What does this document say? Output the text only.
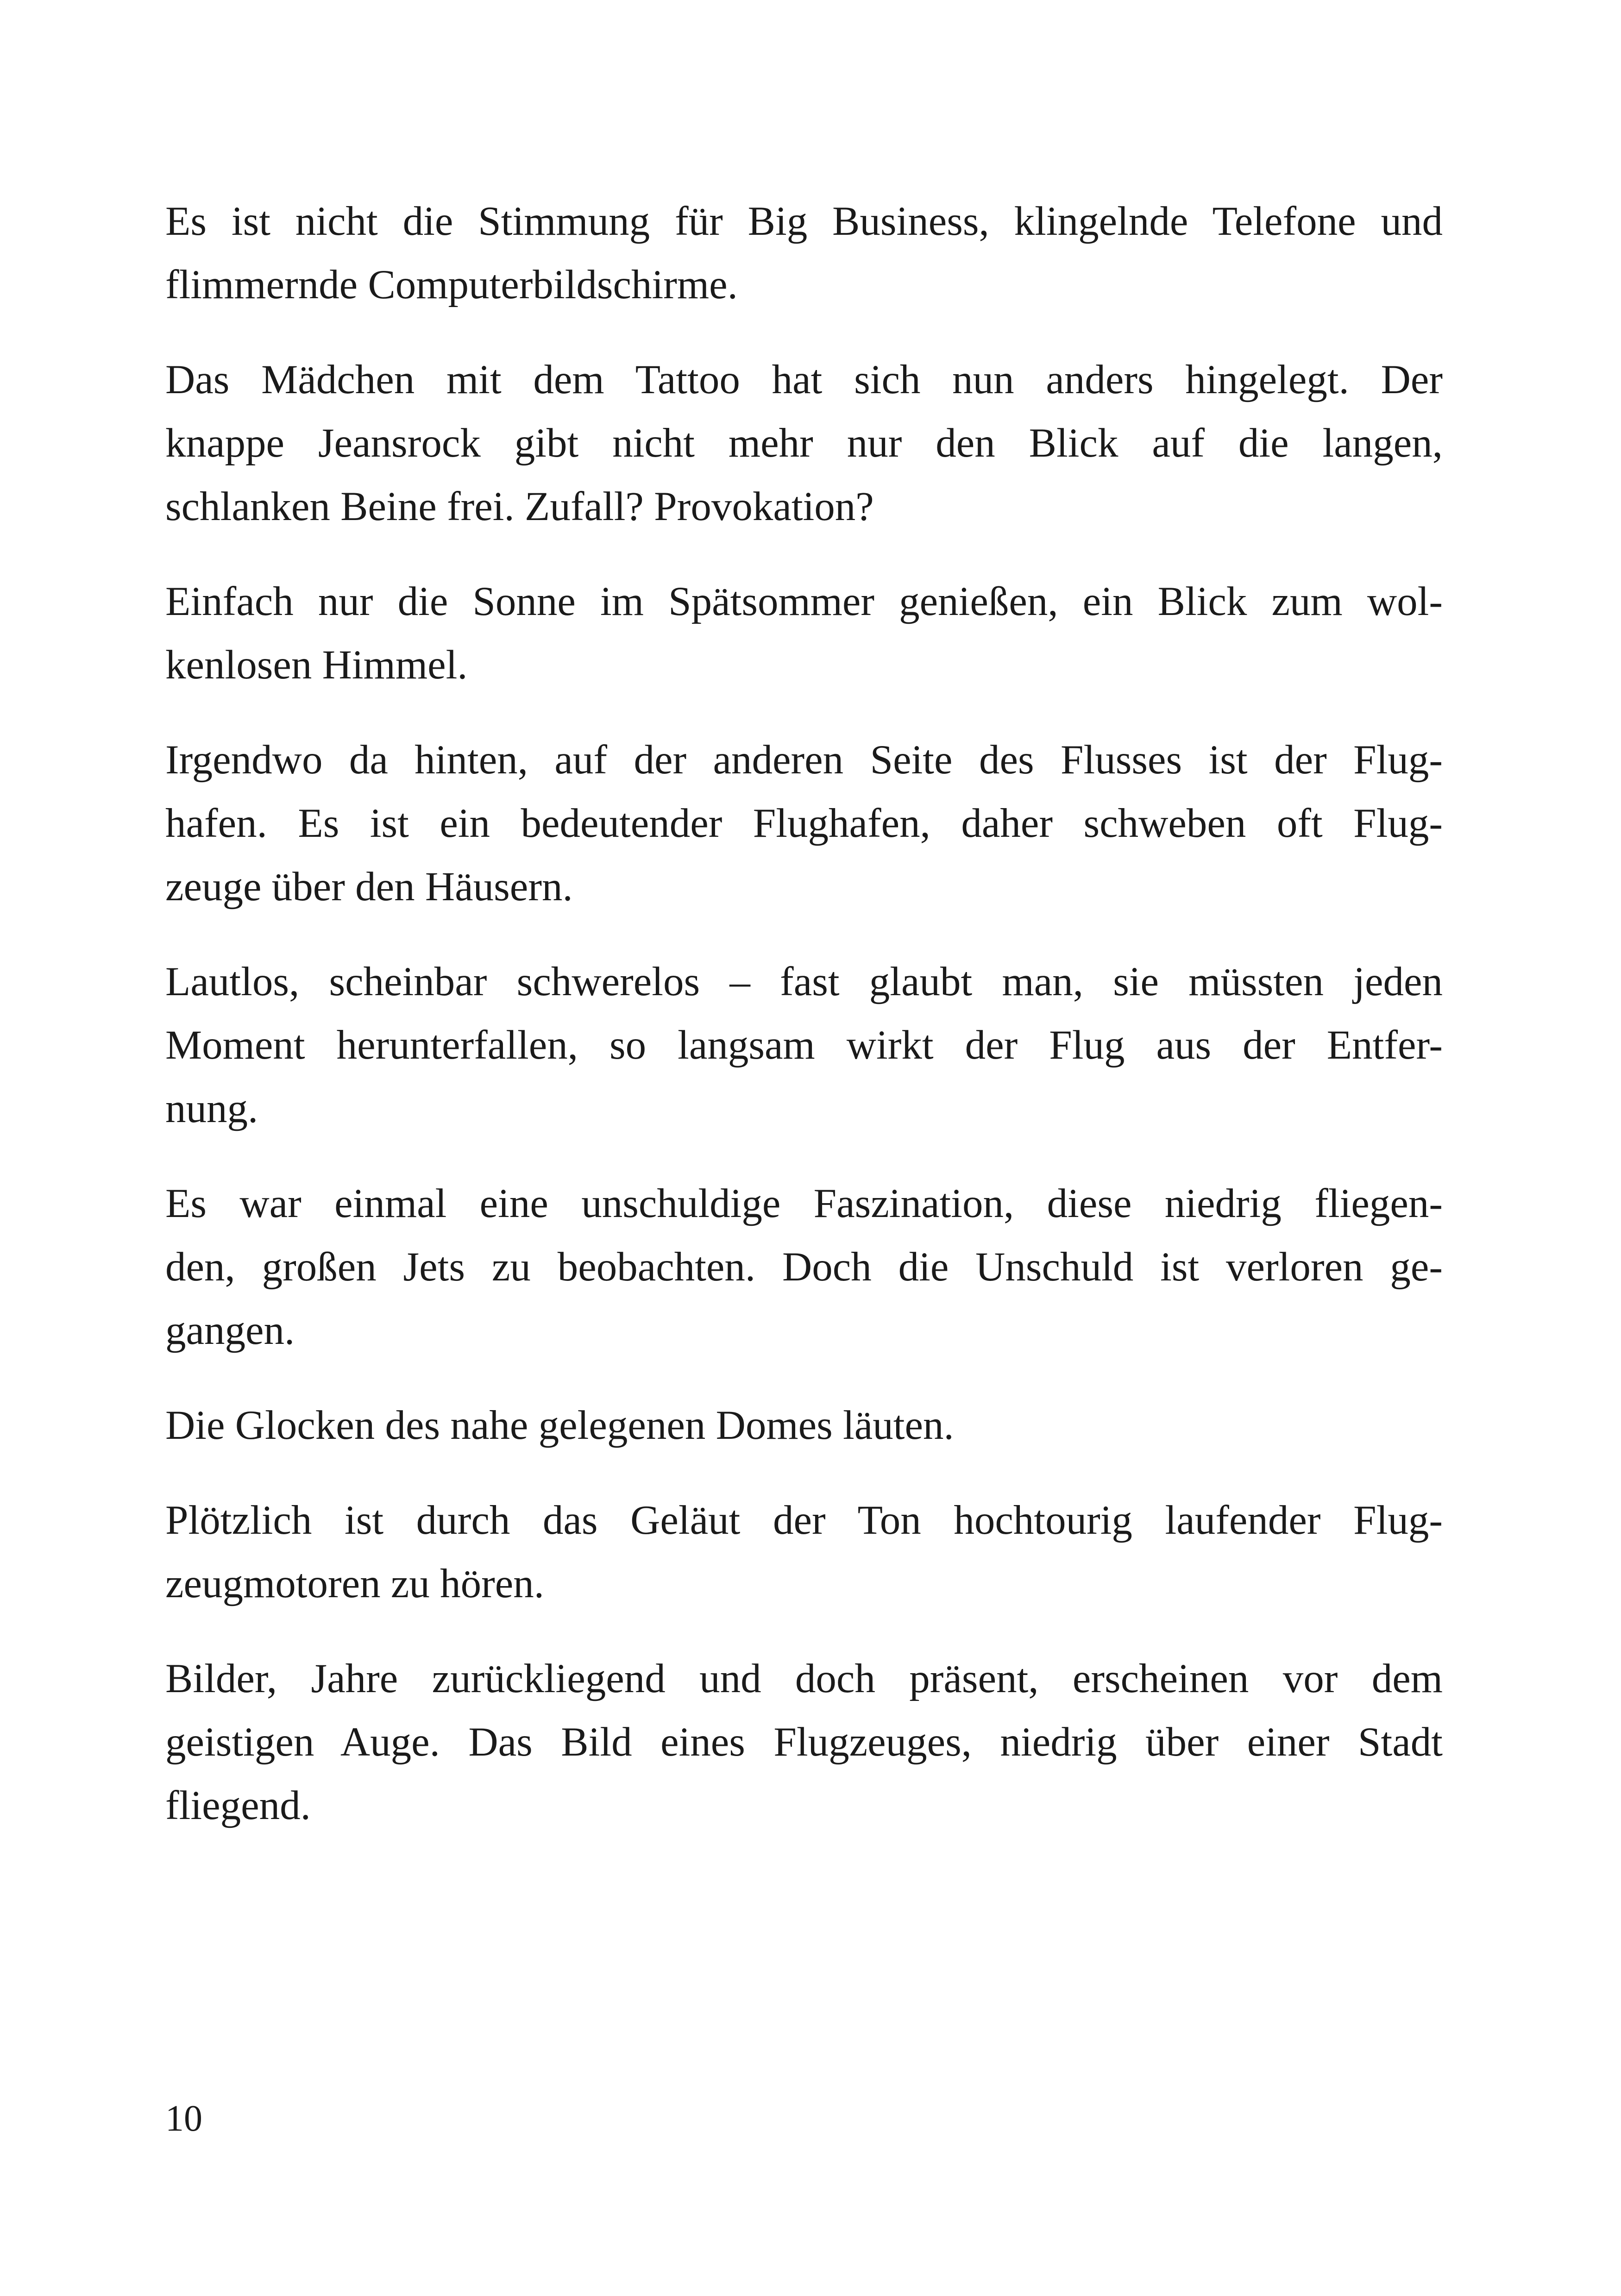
Es ist nicht die Stimmung für Big Business, klingelnde Telefone und
flimmernde Computerbildschirme.

Das Mädchen mit dem Tattoo hat sich nun anders hingelegt. Der
knappe Jeansrock gibt nicht mehr nur den Blick auf die langen,
schlanken Beine frei. Zufall? Provokation?

Einfach nur die Sonne im Spätsommer genießen, ein Blick zum wol-
kenlosen Himmel.

Irgendwo da hinten, auf der anderen Seite des Flusses ist der Flug-
hafen. Es ist ein bedeutender Flughafen, daher schweben oft Flug-
zeuge über den Häusern.

Lautlos, scheinbar schwerelos – fast glaubt man, sie müssten jeden
Moment herunterfallen, so langsam wirkt der Flug aus der Entfer-
nung.

Es war einmal eine unschuldige Faszination, diese niedrig fliegen-
den, großen Jets zu beobachten. Doch die Unschuld ist verloren ge-
gangen.

Die Glocken des nahe gelegenen Domes läuten.

Plötzlich ist durch das Geläut der Ton hochtourig laufender Flug-
zeugmotoren zu hören.

Bilder, Jahre zurückliegend und doch präsent, erscheinen vor dem
geistigen Auge. Das Bild eines Flugzeuges, niedrig über einer Stadt
fliegend.

10
